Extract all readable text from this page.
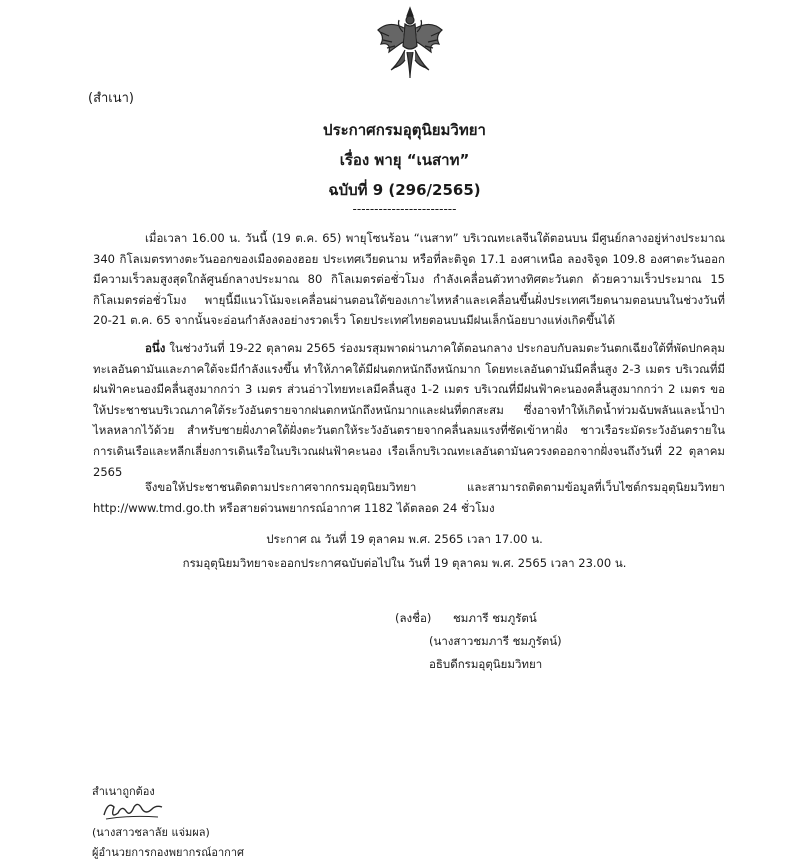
(สำเนา)
ประกาศกรมอุตุนิยมวิทยา
เรื่อง พายุ “เนสาท”
ฉบับที่ 9 (296/2565)
------------------------

เมื่อเวลา 16.00 น. วันนี้ (19 ต.ค. 65) พายุโซนร้อน “เนสาท” บริเวณทะเลจีนใต้ตอนบน มีศูนย์กลางอยู่ห่างประมาณ 340 กิโลเมตรทางตะวันออกของเมืองดองฮอย ประเทศเวียดนาม หรือที่ละติจูด 17.1 องศาเหนือ ลองจิจูด 109.8 องศาตะวันออก มีความเร็วลมสูงสุดใกล้ศูนย์กลางประมาณ 80 กิโลเมตรต่อชั่วโมง กำลังเคลื่อนตัวทางทิศตะวันตก ด้วยความเร็วประมาณ 15 กิโลเมตรต่อชั่วโมง พายุนี้มีแนวโน้มจะเคลื่อนผ่านตอนใต้ของเกาะไหหลำและเคลื่อนขึ้นฝั่งประเทศเวียดนามตอนบนในช่วงวันที่ 20-21 ต.ค. 65 จากนั้นจะอ่อนกำลังลงอย่างรวดเร็ว โดยประเทศไทยตอนบนมีฝนเล็กน้อยบางแห่งเกิดขึ้นได้

อนึ่ง ในช่วงวันที่ 19-22 ตุลาคม 2565 ร่องมรสุมพาดผ่านภาคใต้ตอนกลาง ประกอบกับลมตะวันตกเฉียงใต้ที่พัดปกคลุมทะเลอันดามันและภาคใต้จะมีกำลังแรงขึ้น ทำให้ภาคใต้มีฝนตกหนักถึงหนักมาก โดยทะเลอันดามันมีคลื่นสูง 2-3 เมตร บริเวณที่มีฝนฟ้าคะนองมีคลื่นสูงมากกว่า 3 เมตร ส่วนอ่าวไทยทะเลมีคลื่นสูง 1-2 เมตร บริเวณที่มีฝนฟ้าคะนองคลื่นสูงมากกว่า 2 เมตร ขอให้ประชาชนบริเวณภาคใต้ระวังอันตรายจากฝนตกหนักถึงหนักมากและฝนที่ตกสะสม ซึ่งอาจทำให้เกิดน้ำท่วมฉับพลันและน้ำป่าไหลหลากไว้ด้วย สำหรับชายฝั่งภาคใต้ฝั่งตะวันตกให้ระวังอันตรายจากคลื่นลมแรงที่ซัดเข้าหาฝั่ง ชาวเรือระมัดระวังอันตรายในการเดินเรือและหลีกเลี่ยงการเดินเรือในบริเวณฝนฟ้าคะนอง เรือเล็กบริเวณทะเลอันดามันควรงดออกจากฝั่งจนถึงวันที่ 22 ตุลาคม 2565

จึงขอให้ประชาชนติดตามประกาศจากกรมอุตุนิยมวิทยา และสามารถติดตามข้อมูลที่เว็บไซต์กรมอุตุนิยมวิทยา http://www.tmd.go.th หรือสายด่วนพยากรณ์อากาศ 1182 ได้ตลอด 24 ชั่วโมง

ประกาศ ณ วันที่ 19 ตุลาคม พ.ศ. 2565 เวลา 17.00 น.
กรมอุตุนิยมวิทยาจะออกประกาศฉบับต่อไปใน วันที่ 19 ตุลาคม พ.ศ. 2565 เวลา 23.00 น.
(ลงชื่อ) ชมภารี ชมภูรัตน์
(นางสาวชมภารี ชมภูรัตน์)
อธิบดีกรมอุตุนิยมวิทยา
สำเนาถูกต้อง
(นางสาวชลาลัย แจ่มผล)
ผู้อำนวยการกองพยากรณ์อากาศ
